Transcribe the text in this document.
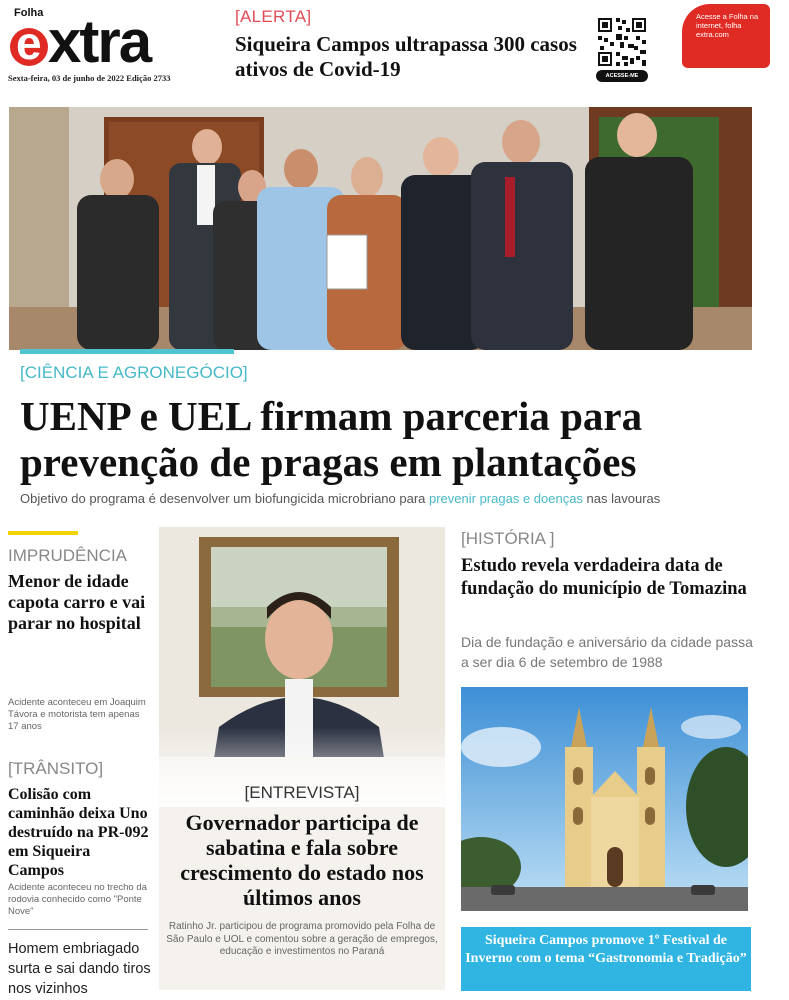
Folha
e xtra
Sexta-feira, 03 de junho de 2022 Edição 2733
[ALERTA]
Siqueira Campos ultrapassa 300 casos ativos de Covid-19	ACESSE-ME
Acesse a Folha na internet, folha extra.com
[CIÊNCIA E AGRONEGÓCIO]
UENP e UEL firmam parceria para prevenção de pragas em plantações
Objetivo do programa é desenvolver um biofungicida microbriano para prevenir pragas e doenças nas lavouras
IMPRUDÊNCIA
Menor de idade capota carro e vai parar no hospital
Acidente aconteceu em Joaquim Távora e motorista tem apenas 17 anos
[TRÂNSITO]
Colisão com caminhão deixa Uno destruído na PR-092 em Siqueira Campos
Acidente aconteceu no trecho da rodovia conhecido como "Ponte Nove"
Homem embriagado surta e sai dando tiros nos vizinhos
[ENTREVISTA]
Governador participa de sabatina e fala sobre crescimento do estado nos últimos anos
Ratinho Jr. participou de programa promovido pela Folha de São Paulo e UOL e comentou sobre a geração de empregos, educação e investimentos no Paraná
[HISTÓRIA ]
Estudo revela verdadeira data de fundação do município de Tomazina
Dia de fundação e aniversário da cidade passa a ser dia 6 de setembro de 1988
Siqueira Campos promove 1º Festival de Inverno com o tema “Gastronomia e Tradição”
